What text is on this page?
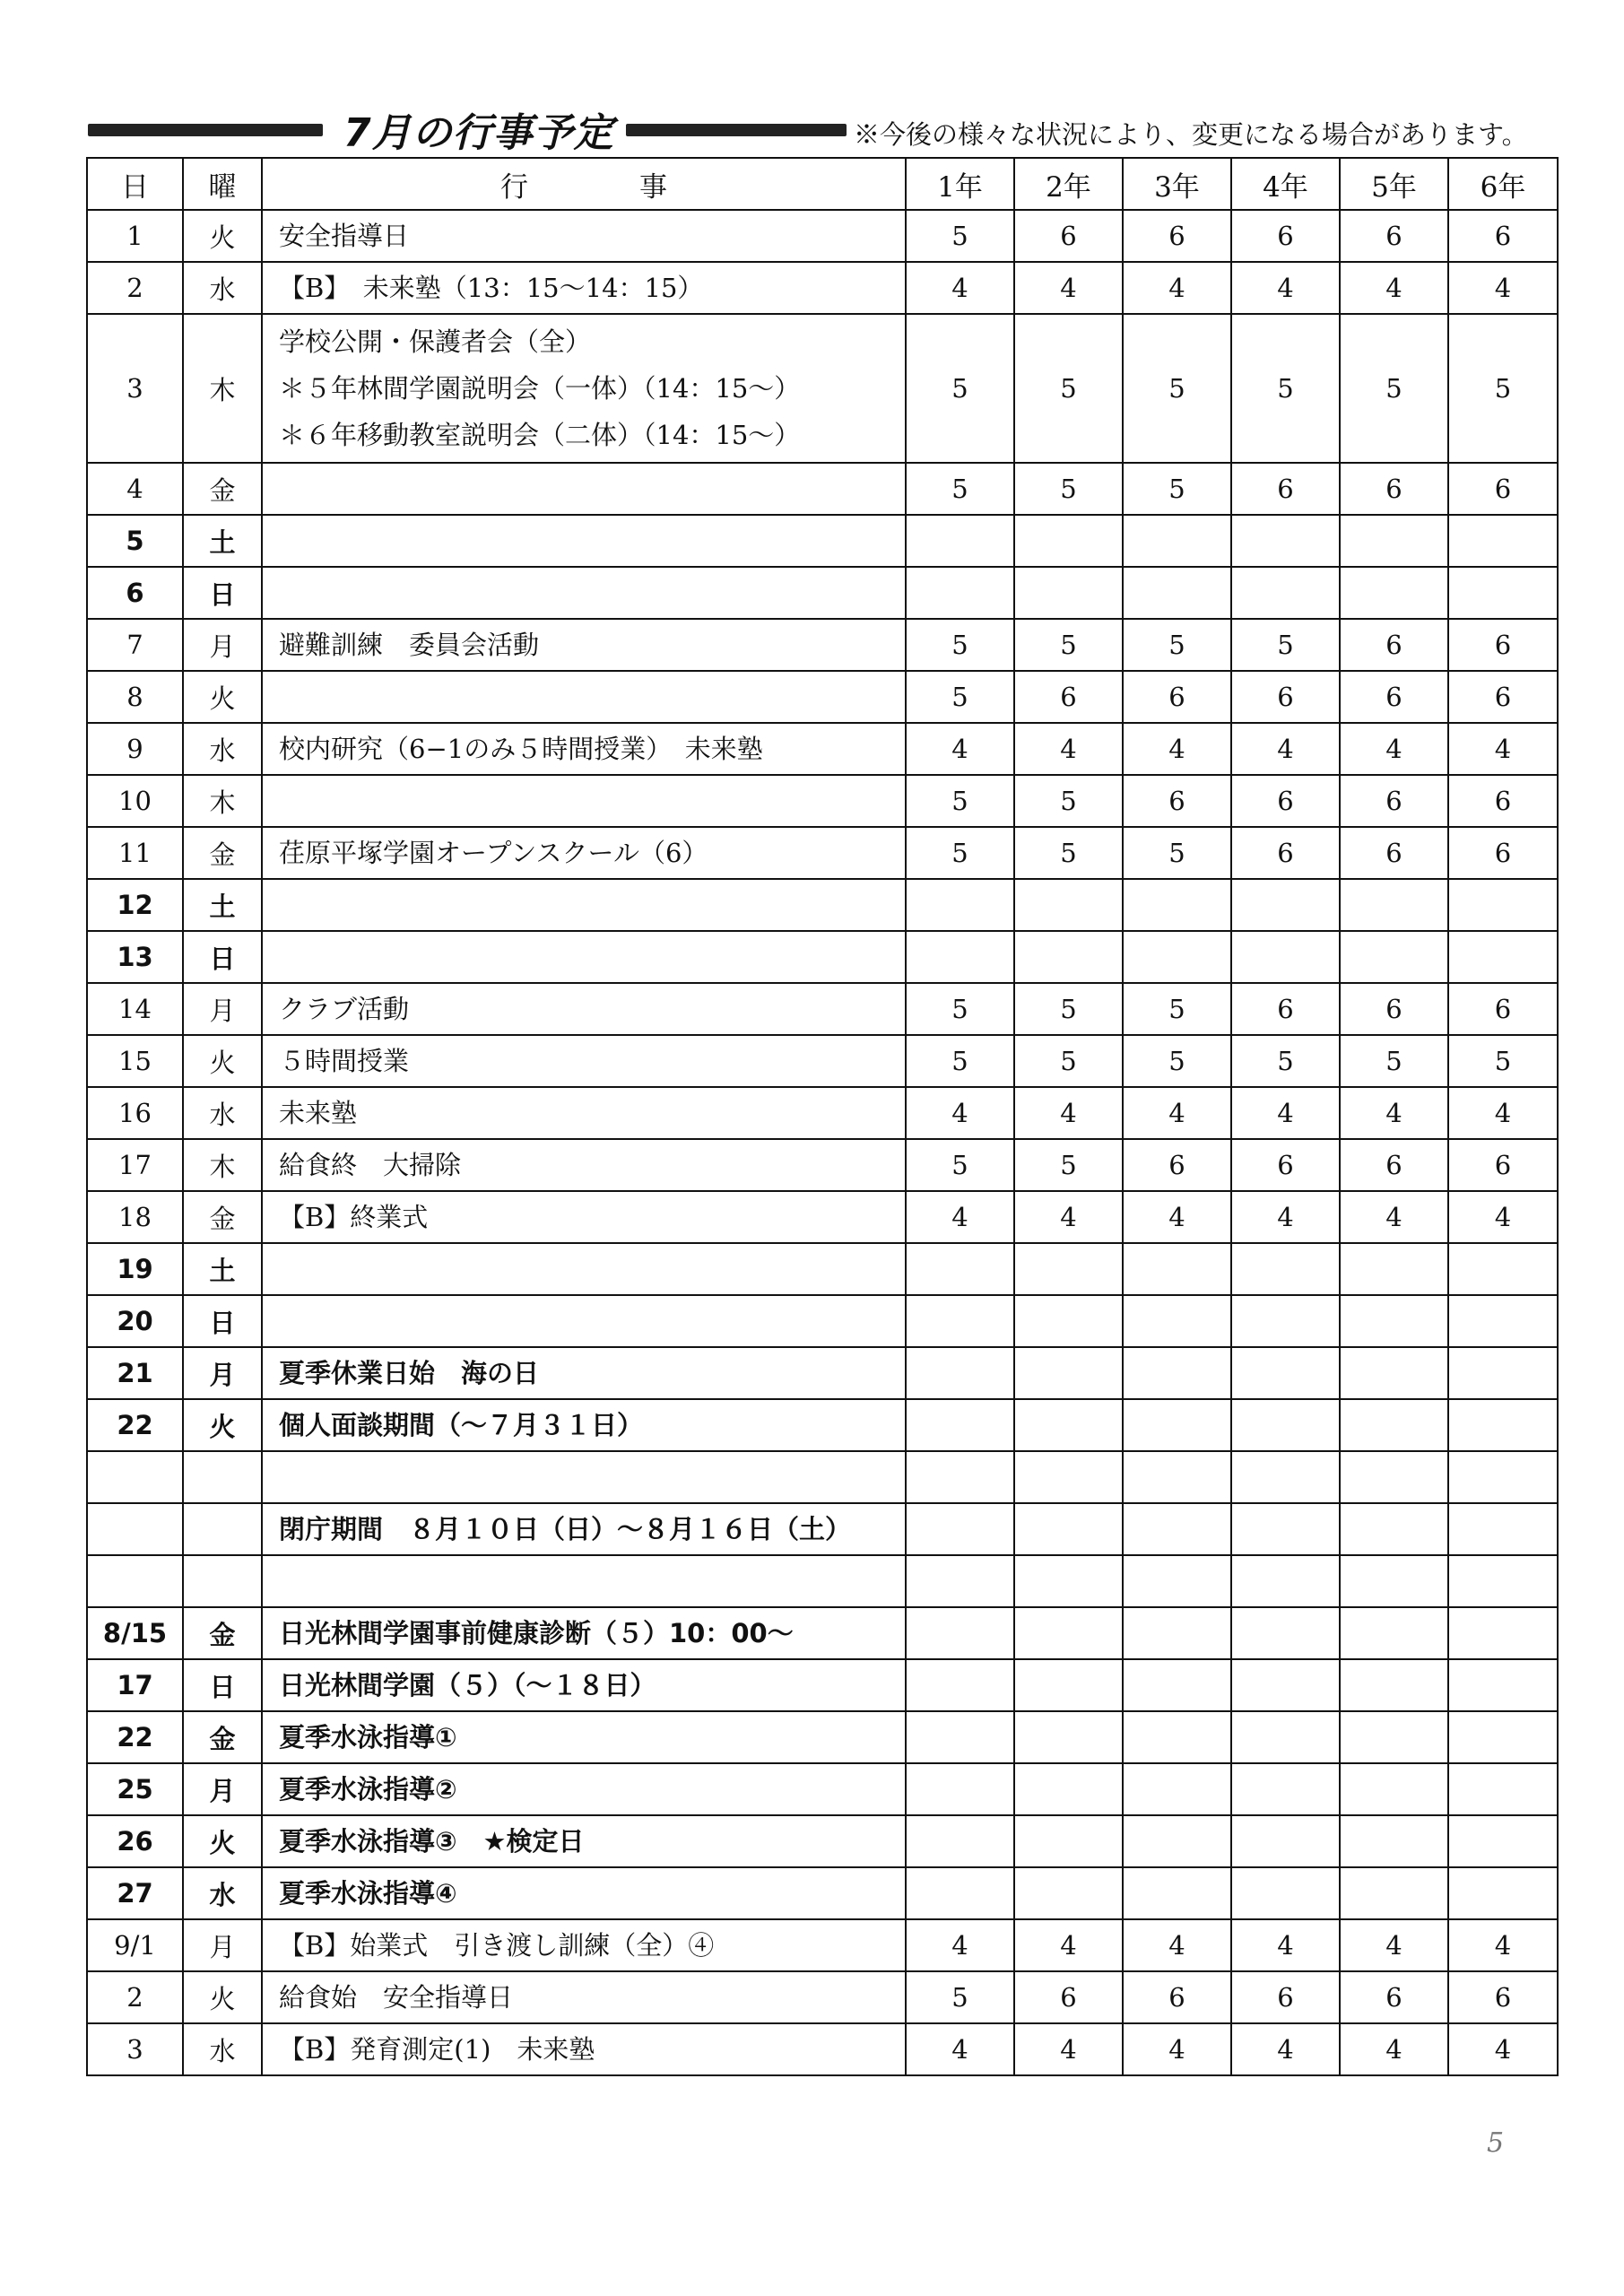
7月の行事予定	※今後の様々な状況により、変更になる場合があります。
日	曜	行　　　　事	1年	2年	3年	4年	5年	6年
1	火	安全指導日	5	6	6	6	6	6
2	水	【B】　未来塾（13：15〜14：15）	4	4	4	4	4	4
3	木	学校公開・保護者会（全）
＊５年林間学園説明会（一体）（14：15〜）
＊６年移動教室説明会（二体）（14：15〜）	5	5	5	5	5	5
4	金		5	5	5	6	6	6
5	土	

6	日	

7	月	避難訓練　委員会活動	5	5	5	5	6	6
8	火		5	6	6	6	6	6
9	水	校内研究（6−1のみ５時間授業）　未来塾	4	4	4	4	4	4
10	木		5	5	6	6	6	6
11	金	荏原平塚学園オープンスクール（6）	5	5	5	6	6	6
12	土	

13	日	

14	月	クラブ活動	5	5	5	6	6	6
15	火	５時間授業	5	5	5	5	5	5
16	水	未来塾	4	4	4	4	4	4
17	木	給食終　大掃除	5	5	6	6	6	6
18	金	【B】終業式	4	4	4	4	4	4
19	土	

20	日	

21	月	夏季休業日始　海の日						

22	火	個人面談期間（〜７月３１日）						

		閉庁期間　８月１０日（日）〜８月１６日（土）						

8/15	金	日光林間学園事前健康診断（５）10：00〜						

17	日	日光林間学園（５）（〜１８日）						

22	金	夏季水泳指導①						

25	月	夏季水泳指導②						

26	火	夏季水泳指導③　★検定日						

27	水	夏季水泳指導④						

9/1	月	【B】始業式　引き渡し訓練（全）④	4	4	4	4	4	4
2	火	給食始　安全指導日	5	6	6	6	6	6
3	水	【B】発育測定(1)　未来塾	4	4	4	4	4	4
5
